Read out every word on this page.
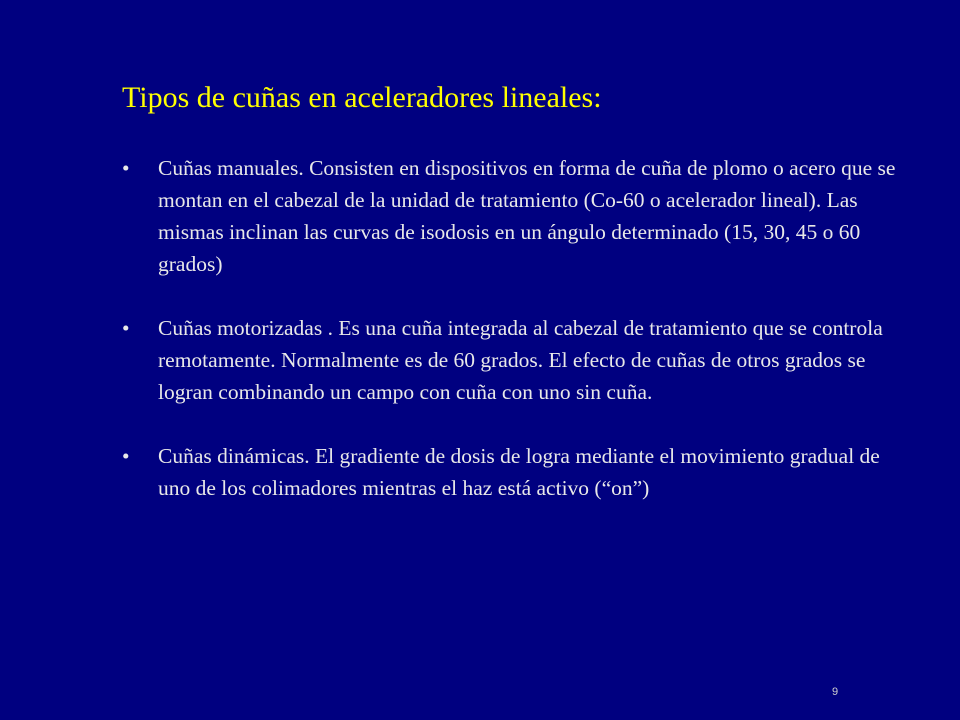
Tipos de cuñas en aceleradores lineales:
• Cuñas manuales. Consisten en dispositivos en forma de cuña de plomo o acero que se montan en el cabezal de la unidad de tratamiento (Co-60 o acelerador lineal). Las mismas inclinan las curvas de isodosis en un ángulo determinado (15, 30, 45 o 60 grados)
• Cuñas motorizadas . Es una cuña integrada al cabezal de tratamiento que se controla remotamente. Normalmente es de 60 grados. El efecto de cuñas de otros grados se logran combinando un campo con cuña con uno sin cuña.
• Cuñas dinámicas. El gradiente de dosis de logra mediante el movimiento gradual de uno de los colimadores mientras el haz está activo (“on”)
9
